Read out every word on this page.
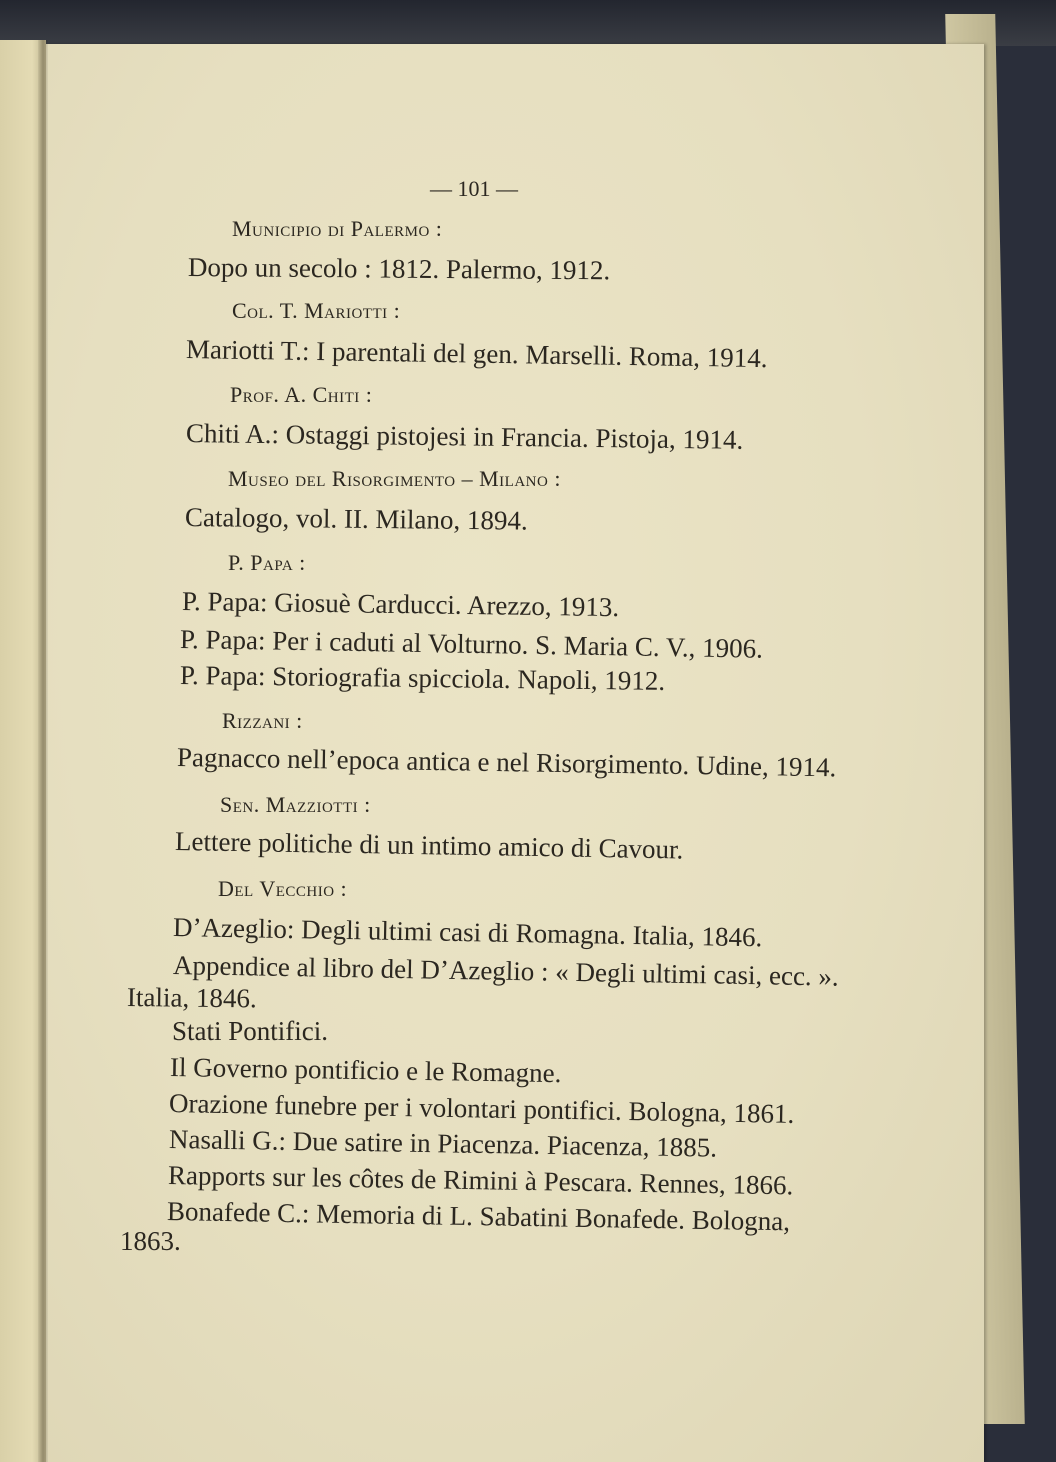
— 101 —
Municipio di Palermo :
Dopo un secolo : 1812. Palermo, 1912.
Col. T. Mariotti :
Mariotti T.: I parentali del gen. Marselli. Roma, 1914.
Prof. A. Chiti :
Chiti A.: Ostaggi pistojesi in Francia. Pistoja, 1914.
Museo del Risorgimento – Milano :
Catalogo, vol. II. Milano, 1894.
P. Papa :
P. Papa: Giosuè Carducci. Arezzo, 1913.
P. Papa: Per i caduti al Volturno. S. Maria C. V., 1906.
P. Papa: Storiografia spicciola. Napoli, 1912.
Rizzani :
Pagnacco nell’epoca antica e nel Risorgimento. Udine, 1914.
Sen. Mazziotti :
Lettere politiche di un intimo amico di Cavour.
Del Vecchio :
D’Azeglio: Degli ultimi casi di Romagna. Italia, 1846.
Appendice al libro del D’Azeglio : « Degli ultimi casi, ecc. ».
Italia, 1846.
Stati Pontifici.
Il Governo pontificio e le Romagne.
Orazione funebre per i volontari pontifici. Bologna, 1861.
Nasalli G.: Due satire in Piacenza. Piacenza, 1885.
Rapports sur les côtes de Rimini à Pescara. Rennes, 1866.
Bonafede C.: Memoria di L. Sabatini Bonafede. Bologna,
1863.
